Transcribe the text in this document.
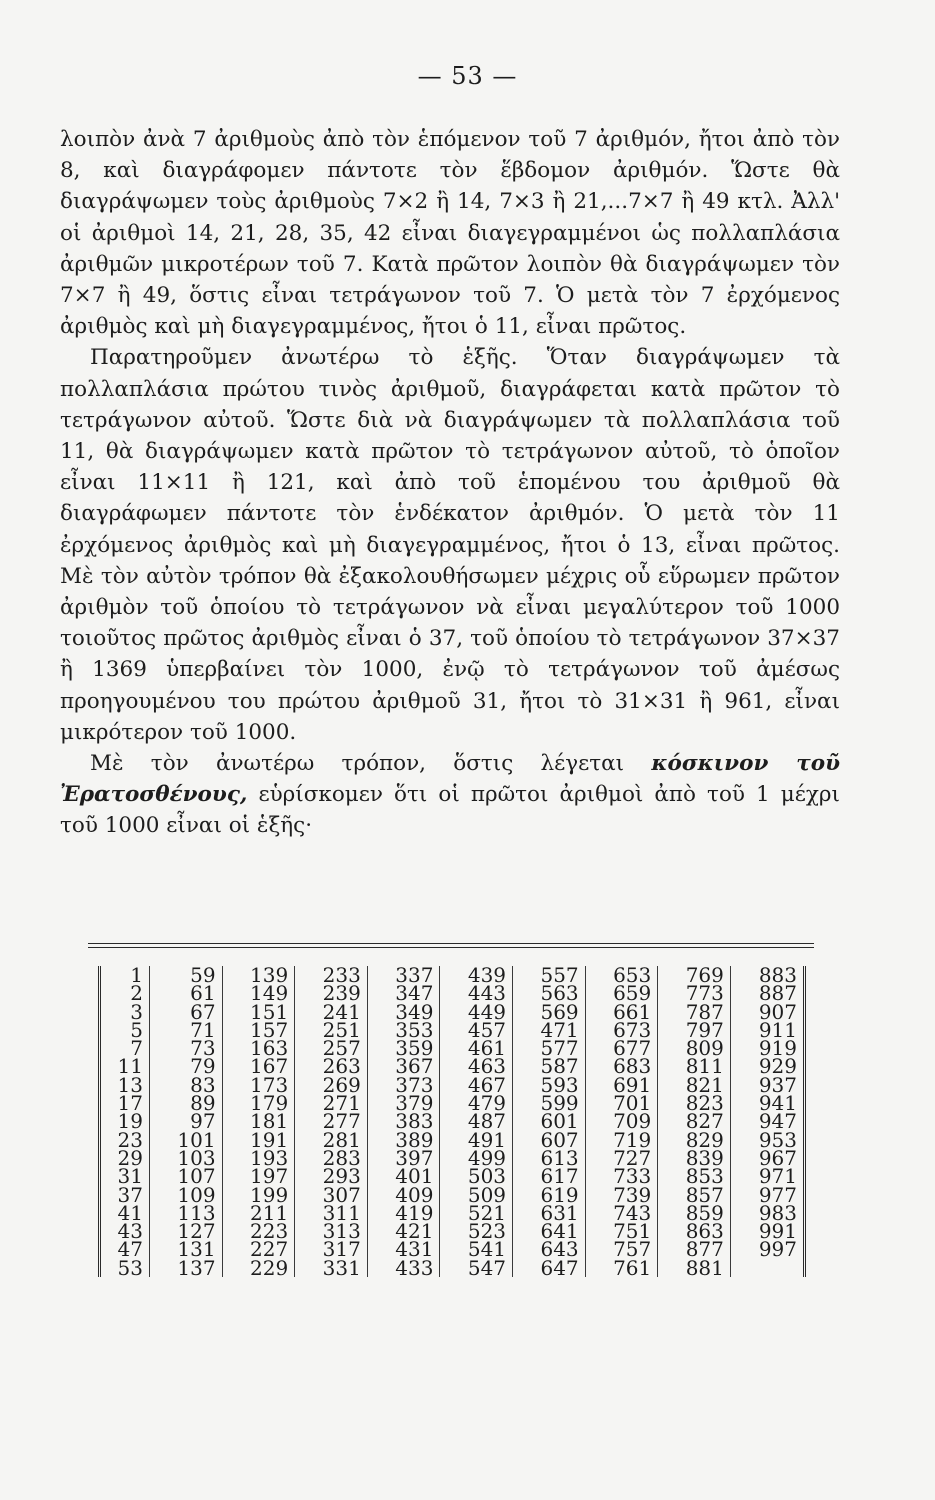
— 53 —

λοιπὸν ἀνὰ 7 ἀριθμοὺς ἀπὸ τὸν ἑπόμενον τοῦ 7 ἀριθμόν, ἤτοι ἀπὸ τὸν 8, καὶ διαγράφομεν πάντοτε τὸν ἕβδομον ἀριθμόν. Ὥστε θὰ διαγράψωμεν τοὺς ἀριθμοὺς 7×2 ἢ 14, 7×3 ἢ 21,...7×7 ἢ 49 κτλ. Ἀλλ' οἱ ἀριθμοὶ 14, 21, 28, 35, 42 εἶναι διαγεγραμμένοι ὡς πολλαπλάσια ἀριθμῶν μικροτέρων τοῦ 7. Κατὰ πρῶτον λοιπὸν θὰ διαγράψωμεν τὸν 7×7 ἢ 49, ὅστις εἶναι τετράγωνον τοῦ 7. Ὁ μετὰ τὸν 7 ἐρχόμενος ἀριθμὸς καὶ μὴ διαγεγραμμένος, ἤτοι ὁ 11, εἶναι πρῶτος.

Παρατηροῦμεν ἀνωτέρω τὸ ἑξῆς. Ὅταν διαγράψωμεν τὰ πολλαπλάσια πρώτου τινὸς ἀριθμοῦ, διαγράφεται κατὰ πρῶτον τὸ τετράγωνον αὐτοῦ. Ὥστε διὰ νὰ διαγράψωμεν τὰ πολλαπλάσια τοῦ 11, θὰ διαγράψωμεν κατὰ πρῶτον τὸ τετράγωνον αὐτοῦ, τὸ ὁποῖον εἶναι 11×11 ἢ 121, καὶ ἀπὸ τοῦ ἑπομένου του ἀριθμοῦ θὰ διαγράφωμεν πάντοτε τὸν ἑνδέκατον ἀριθμόν. Ὁ μετὰ τὸν 11 ἐρχόμενος ἀριθμὸς καὶ μὴ διαγεγραμμένος, ἤτοι ὁ 13, εἶναι πρῶτος. Μὲ τὸν αὐτὸν τρόπον θὰ ἐξακολουθήσωμεν μέχρις οὗ εὕρωμεν πρῶτον ἀριθμὸν τοῦ ὁποίου τὸ τετράγωνον νὰ εἶναι μεγαλύτερον τοῦ 1000 τοιοῦτος πρῶτος ἀριθμὸς εἶναι ὁ 37, τοῦ ὁποίου τὸ τετράγωνον 37×37 ἢ 1369 ὑπερβαίνει τὸν 1000, ἐνῷ τὸ τετράγωνον τοῦ ἀμέσως προηγουμένου του πρώτου ἀριθμοῦ 31, ἤτοι τὸ 31×31 ἢ 961, εἶναι μικρότερον τοῦ 1000.

Μὲ τὸν ἀνωτέρω τρόπον, ὅστις λέγεται κόσκινον τοῦ Ἐρατοσθένους, εὑρίσκομεν ὅτι οἱ πρῶτοι ἀριθμοὶ ἀπὸ τοῦ 1 μέχρι τοῦ 1000 εἶναι οἱ ἑξῆς·

1	59	139	233	337	439	557	653	769	883
2	61	149	239	347	443	563	659	773	887
3	67	151	241	349	449	569	661	787	907
5	71	157	251	353	457	471	673	797	911
7	73	163	257	359	461	577	677	809	919
11	79	167	263	367	463	587	683	811	929
13	83	173	269	373	467	593	691	821	937
17	89	179	271	379	479	599	701	823	941
19	97	181	277	383	487	601	709	827	947
23	101	191	281	389	491	607	719	829	953
29	103	193	283	397	499	613	727	839	967
31	107	197	293	401	503	617	733	853	971
37	109	199	307	409	509	619	739	857	977
41	113	211	311	419	521	631	743	859	983
43	127	223	313	421	523	641	751	863	991
47	131	227	317	431	541	643	757	877	997
53	137	229	331	433	547	647	761	881	
